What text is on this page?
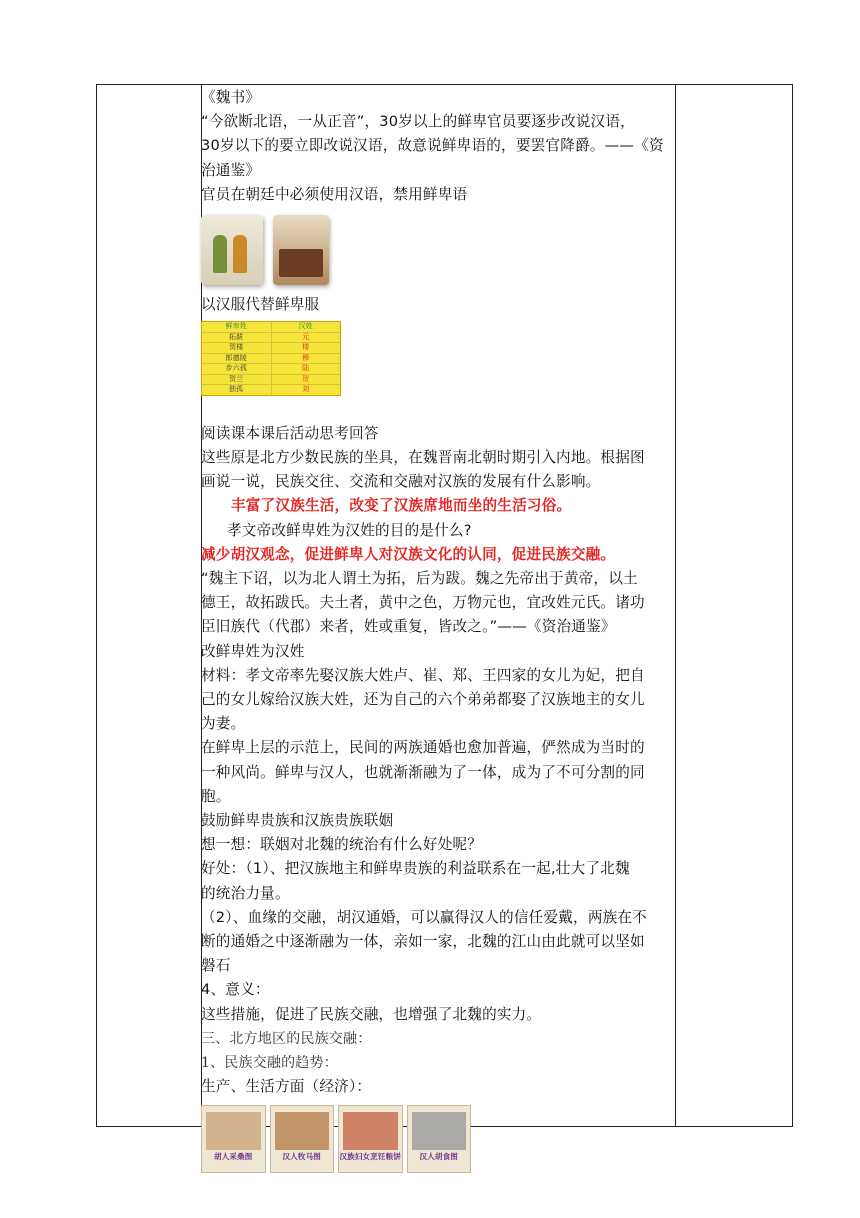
《魏书》

“今欲断北语，一从正音”，30岁以上的鲜卑官员要逐步改说汉语，

30岁以下的要立即改说汉语，故意说鲜卑语的，要罢官降爵。——《资

治通鉴》

官员在朝廷中必须使用汉语，禁用鲜卑语

以汉服代替鲜卑服

鲜卑姓	汉姓
拓跋	元
贺楼	楼
郎德陵	穆
步六孤	陆
贺兰	贺
独孤	刘

阅读课本课后活动思考回答

这些原是北方少数民族的坐具，在魏晋南北朝时期引入内地。根据图

画说一说，民族交往、交流和交融对汉族的发展有什么影响。

丰富了汉族生活，改变了汉族席地而坐的生活习俗。

孝文帝改鲜卑姓为汉姓的目的是什么?

减少胡汉观念，促进鲜卑人对汉族文化的认同，促进民族交融。

“魏主下诏，以为北人谓土为拓，后为跋。魏之先帝出于黄帝，以土

德王，故拓跋氏。夫土者，黄中之色，万物元也，宜改姓元氏。诸功

臣旧族代（代郡）来者，姓或重复，皆改之。”——《资治通鉴》

改鲜卑姓为汉姓

材料：孝文帝率先娶汉族大姓卢、崔、郑、王四家的女儿为妃，把自

己的女儿嫁给汉族大姓，还为自己的六个弟弟都娶了汉族地主的女儿

为妻。

在鲜卑上层的示范上，民间的两族通婚也愈加普遍，俨然成为当时的

一种风尚。鲜卑与汉人，也就渐渐融为了一体，成为了不可分割的同

胞。

鼓励鲜卑贵族和汉族贵族联姻

想一想：联姻对北魏的统治有什么好处呢？

好处：（1）、把汉族地主和鲜卑贵族的利益联系在一起,壮大了北魏

的统治力量。

（2）、血缘的交融，胡汉通婚，可以赢得汉人的信任爱戴，两族在不

断的通婚之中逐渐融为一体，亲如一家，北魏的江山由此就可以坚如

磐石

4、意义：

这些措施，促进了民族交融，也增强了北魏的实力。

三、北方地区的民族交融：

1、民族交融的趋势：

生产、生活方面（经济）：

胡人采桑图	汉人牧马图	汉族妇女烹饪粮饼	汉人胡食图
